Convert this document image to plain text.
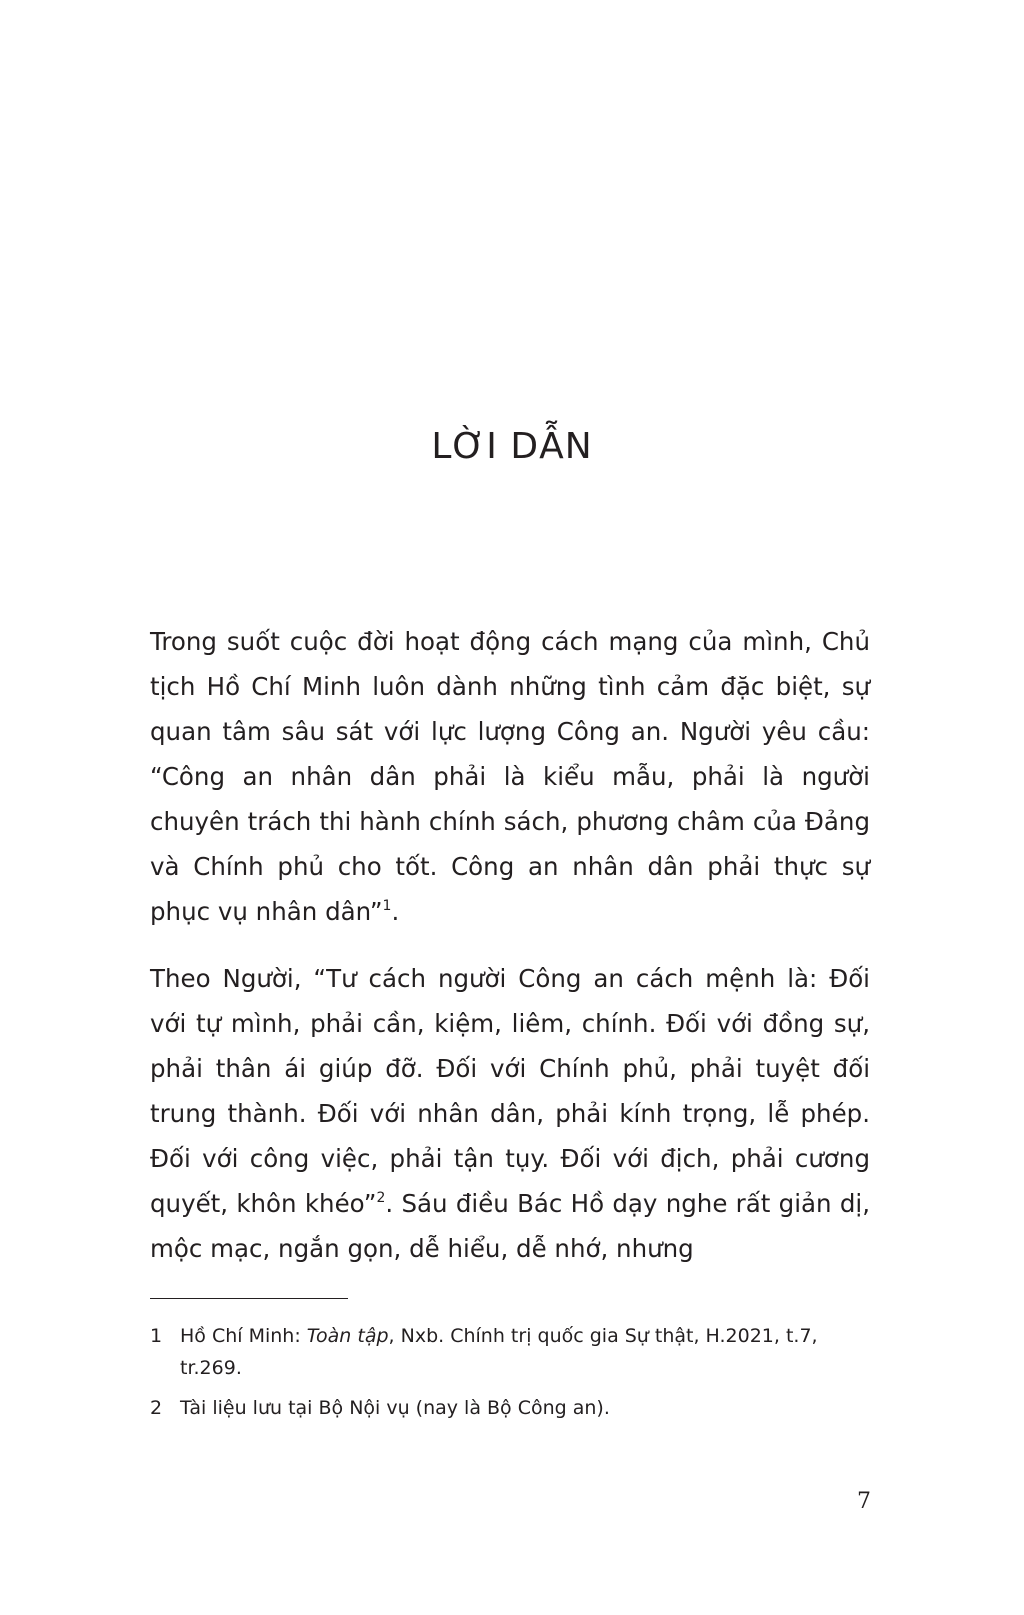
LỜI DẪN

Trong suốt cuộc đời hoạt động cách mạng của mình, Chủ tịch Hồ Chí Minh luôn dành những tình cảm đặc biệt, sự quan tâm sâu sát với lực lượng Công an. Người yêu cầu: “Công an nhân dân phải là kiểu mẫu, phải là người chuyên trách thi hành chính sách, phương châm của Đảng và Chính phủ cho tốt. Công an nhân dân phải thực sự phục vụ nhân dân”$^1$.

Theo Người, “Tư cách người Công an cách mệnh là: Đối với tự mình, phải cần, kiệm, liêm, chính. Đối với đồng sự, phải thân ái giúp đỡ. Đối với Chính phủ, phải tuyệt đối trung thành. Đối với nhân dân, phải kính trọng, lễ phép. Đối với công việc, phải tận tụy. Đối với địch, phải cương quyết, khôn khéo”$^2$. Sáu điều Bác Hồ dạy nghe rất giản dị, mộc mạc, ngắn gọn, dễ hiểu, dễ nhớ, nhưng

1 Hồ Chí Minh: Toàn tập, Nxb. Chính trị quốc gia Sự thật, H.2021, t.7, tr.269.
2 Tài liệu lưu tại Bộ Nội vụ (nay là Bộ Công an).
7
